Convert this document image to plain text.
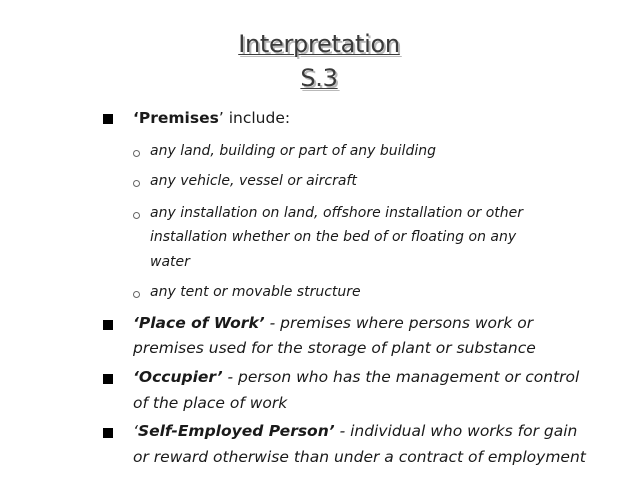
Interpretation
S.3
‘Premises’ include:
any land, building or part of any building
any vehicle, vessel or aircraft
any installation on land, offshore installation or other
installation whether on the bed of or floating on any
water
any tent or movable structure
‘Place of Work’ - premises where persons work or
premises used for the storage of plant or substance
‘Occupier’ - person who has the management or control
of the place of work
‘Self-Employed Person’ - individual who works for gain
or reward otherwise than under a contract of employment
